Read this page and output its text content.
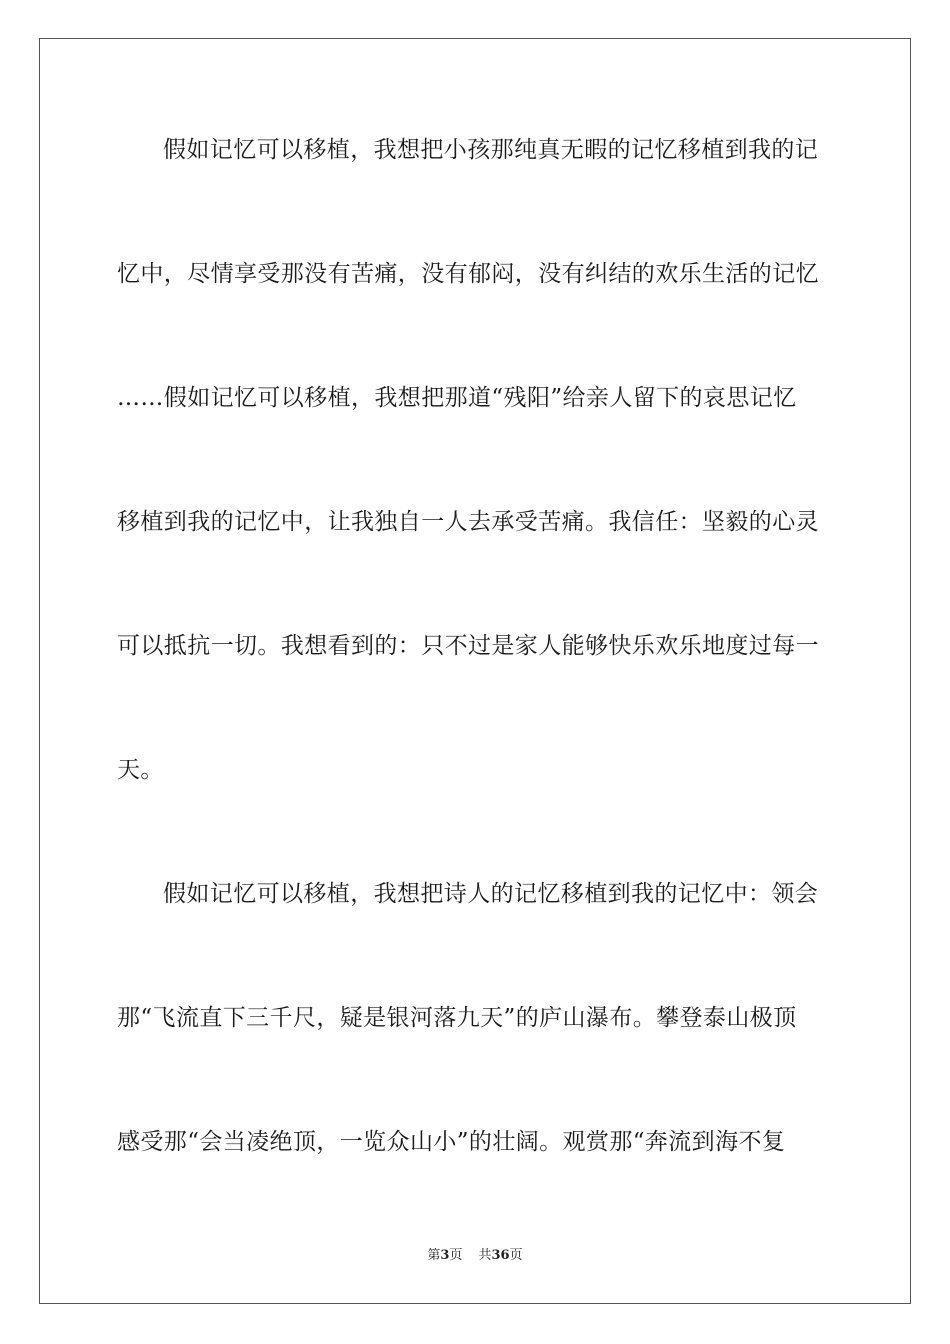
假如记忆可以移植，我想把小孩那纯真无暇的记忆移植到我的记
忆中，尽情享受那没有苦痛，没有郁闷，没有纠结的欢乐生活的记忆
……假如记忆可以移植，我想把那道“残阳”给亲人留下的哀思记忆
移植到我的记忆中，让我独自一人去承受苦痛。我信任：坚毅的心灵
可以抵抗一切。我想看到的：只不过是家人能够快乐欢乐地度过每一
天。
假如记忆可以移植，我想把诗人的记忆移植到我的记忆中：领会
那“飞流直下三千尺，疑是银河落九天”的庐山瀑布。攀登泰山极顶
感受那“会当凌绝顶，一览众山小”的壮阔。观赏那“奔流到海不复
第3页 共36页
